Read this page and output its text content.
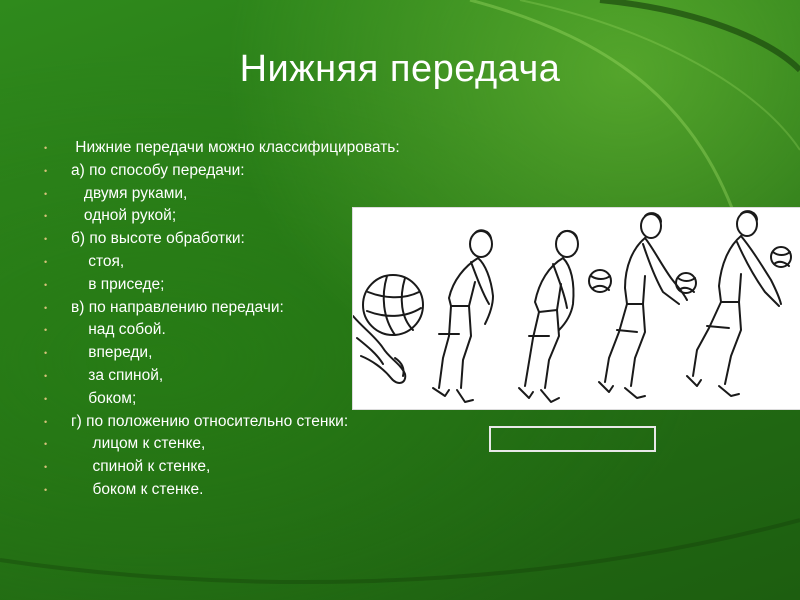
Нижняя передача
• Нижние передачи можно классифицировать:
• а) по способу передачи:
• двумя руками,
• одной рукой;
• б) по высоте обработки:
• стоя,
• в приседе;
• в) по направлению передачи:
• над собой.
• впереди,
• за спиной,
• боком;
• г) по положению относительно стенки:
• лицом к стенке,
• спиной к стенке,
• боком к стенке.
